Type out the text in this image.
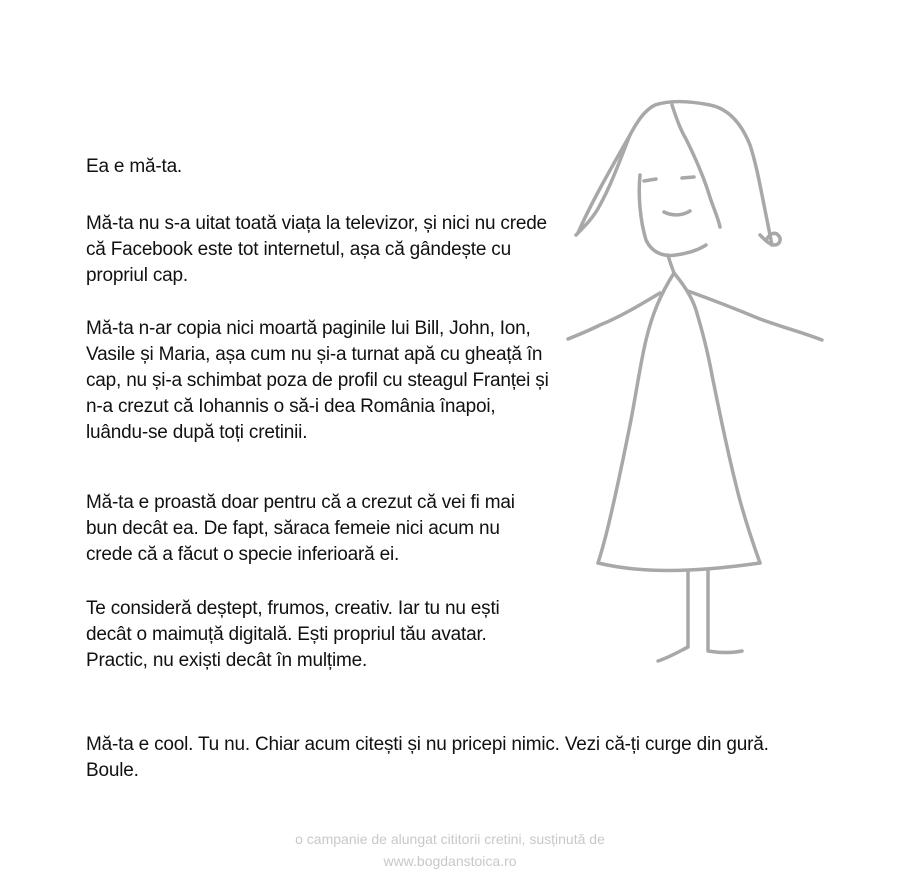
Ea e mă-ta.

Mă-ta nu s-a uitat toată viața la televizor, și nici nu crede
că Facebook este tot internetul, așa că gândește cu
propriul cap.

Mă-ta n-ar copia nici moartă paginile lui Bill, John, Ion,
Vasile și Maria, așa cum nu și-a turnat apă cu gheață în
cap, nu și-a schimbat poza de profil cu steagul Franței și
n-a crezut că Iohannis o să-i dea România înapoi,
luându-se după toți cretinii.

Mă-ta e proastă doar pentru că a crezut că vei fi mai
bun decât ea. De fapt, săraca femeie nici acum nu
crede că a făcut o specie inferioară ei.

Te consideră deștept, frumos, creativ. Iar tu nu ești
decât o maimuță digitală. Ești propriul tău avatar.
Practic, nu exiști decât în mulțime.

Mă-ta e cool. Tu nu. Chiar acum citești și nu pricepi nimic. Vezi că-ți curge din gură.
Boule.

o campanie de alungat cititorii cretini, susținută de
www.bogdanstoica.ro
